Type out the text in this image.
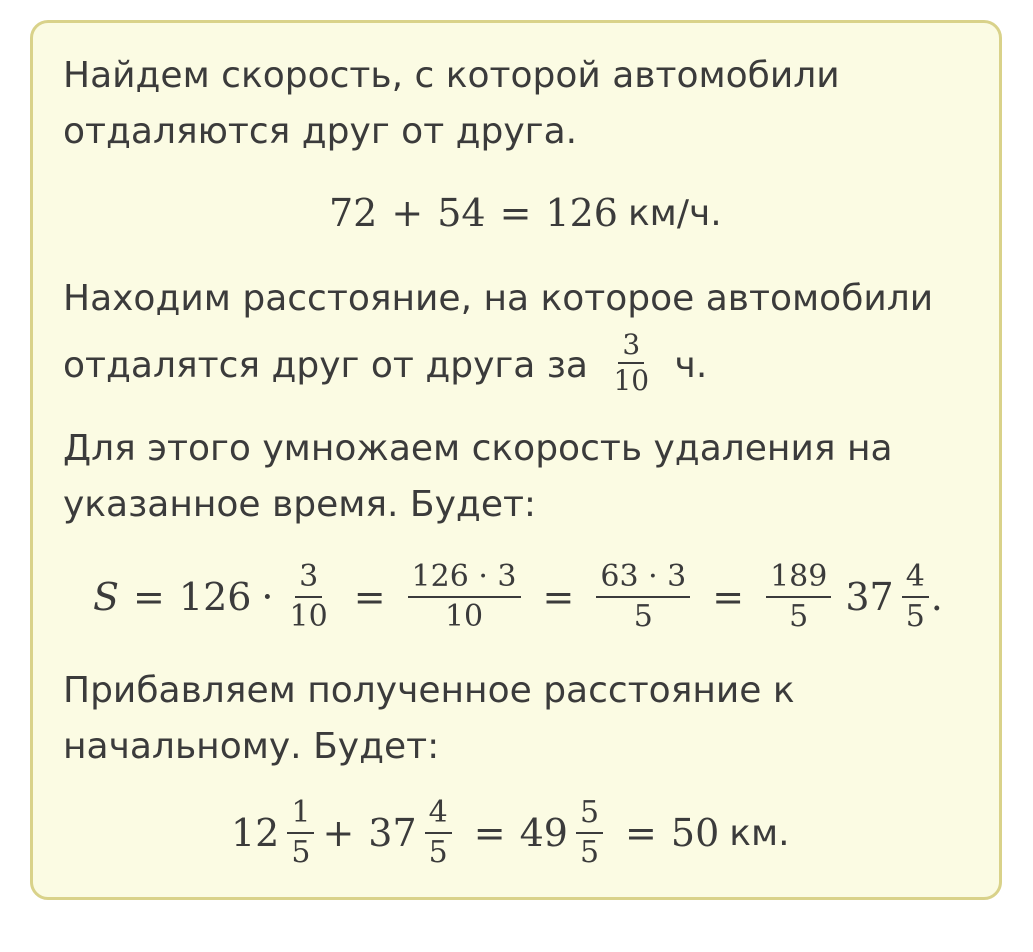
Найдем скорость, с которой автомобили
отдаляются друг от друга.
72 + 54 = 126 км/ч.
Находим расстояние, на которое автомобили
отдалятся друг от друга за $\frac{3}{10} ч$.
Для этого умножаем скорость удаления на
указанное время. Будет:
$S = 126 \cdot \frac{3}{10} = \frac{126 \cdot 3}{10} = \frac{63 \cdot 3}{5} = \frac{189}{5} 37 \frac{4}{5}$ .
Прибавляем полученное расстояние к
начальному. Будет:
$12 \frac{1}{5} + 37 \frac{4}{5} = 49 \frac{5}{5} = 50$ км.
